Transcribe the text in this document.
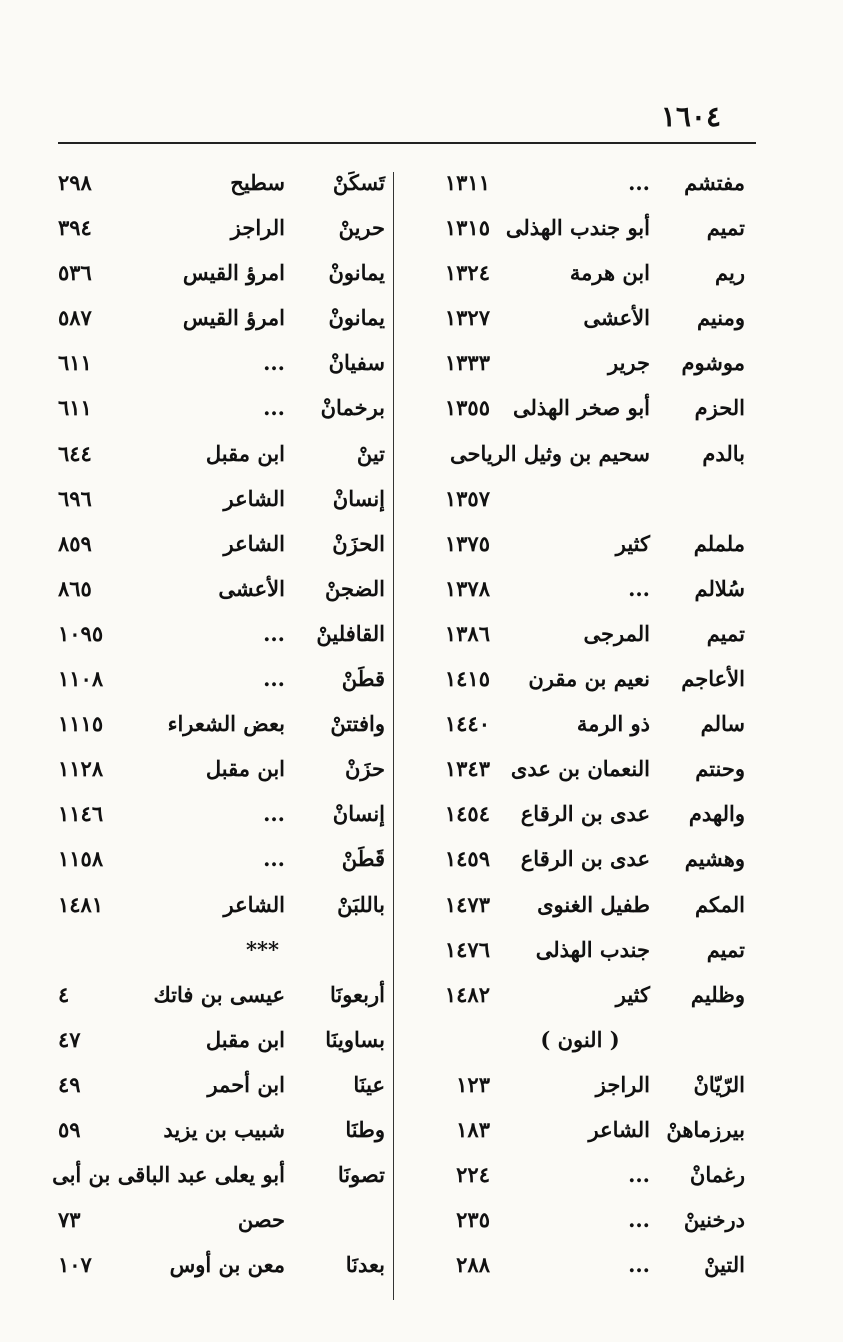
١٦٠٤
مفتشم
...
١٣١١
تميم
أبو جندب الهذلى
١٣١٥
ريم
ابن هرمة
١٣٢٤
ومنيم
الأعشى
١٣٢٧
موشوم
جرير
١٣٣٣
الحزم
أبو صخر الهذلى
١٣٥٥
بالدم
سحيم بن وثيل الرياحى
١٣٥٧
ململم
كثير
١٣٧٥
سُلالم
...
١٣٧٨
تميم
المرجى
١٣٨٦
الأعاجم
نعيم بن مقرن
١٤١٥
سالم
ذو الرمة
١٤٤٠
وحنتم
النعمان بن عدى
١٣٤٣
والهدم
عدى بن الرقاع
١٤٥٤
وهشيم
عدى بن الرقاع
١٤٥٩
المكم
طفيل الغنوى
١٤٧٣
تميم
جندب الهذلى
١٤٧٦
وظليم
كثير
١٤٨٢
( النون )
الرّيّانْ
الراجز
١٢٣
بيرزماهنْ
الشاعر
١٨٣
رغمانْ
...
٢٢٤
درخنينْ
...
٢٣٥
التينْ
...
٢٨٨
تَسكَنْ
سطيح
٢٩٨
حرينْ
الراجز
٣٩٤
يمانونْ
امرؤ القيس
٥٣٦
يمانونْ
امرؤ القيس
٥٨٧
سفيانْ
...
٦١١
برخمانْ
...
٦١١
تينْ
ابن مقبل
٦٤٤
إنسانْ
الشاعر
٦٩٦
الحزَنْ
الشاعر
٨٥٩
الضجنْ
الأعشى
٨٦٥
القافلينْ
...
١٠٩٥
قطَنْ
...
١١٠٨
وافتتنْ
بعض الشعراء
١١١٥
حزَنْ
ابن مقبل
١١٢٨
إنسانْ
...
١١٤٦
قَطَنْ
...
١١٥٨
باللبَنْ
الشاعر
١٤٨١
***
أربعونَا
عيسى بن فاتك
٤
بساوينَا
ابن مقبل
٤٧
عينَا
ابن أحمر
٤٩
وطنَا
شبيب بن يزيد
٥٩
تصونَا
أبو يعلى عبد الباقى بن أبى
حصن
٧٣
بعدنَا
معن بن أوس
١٠٧
